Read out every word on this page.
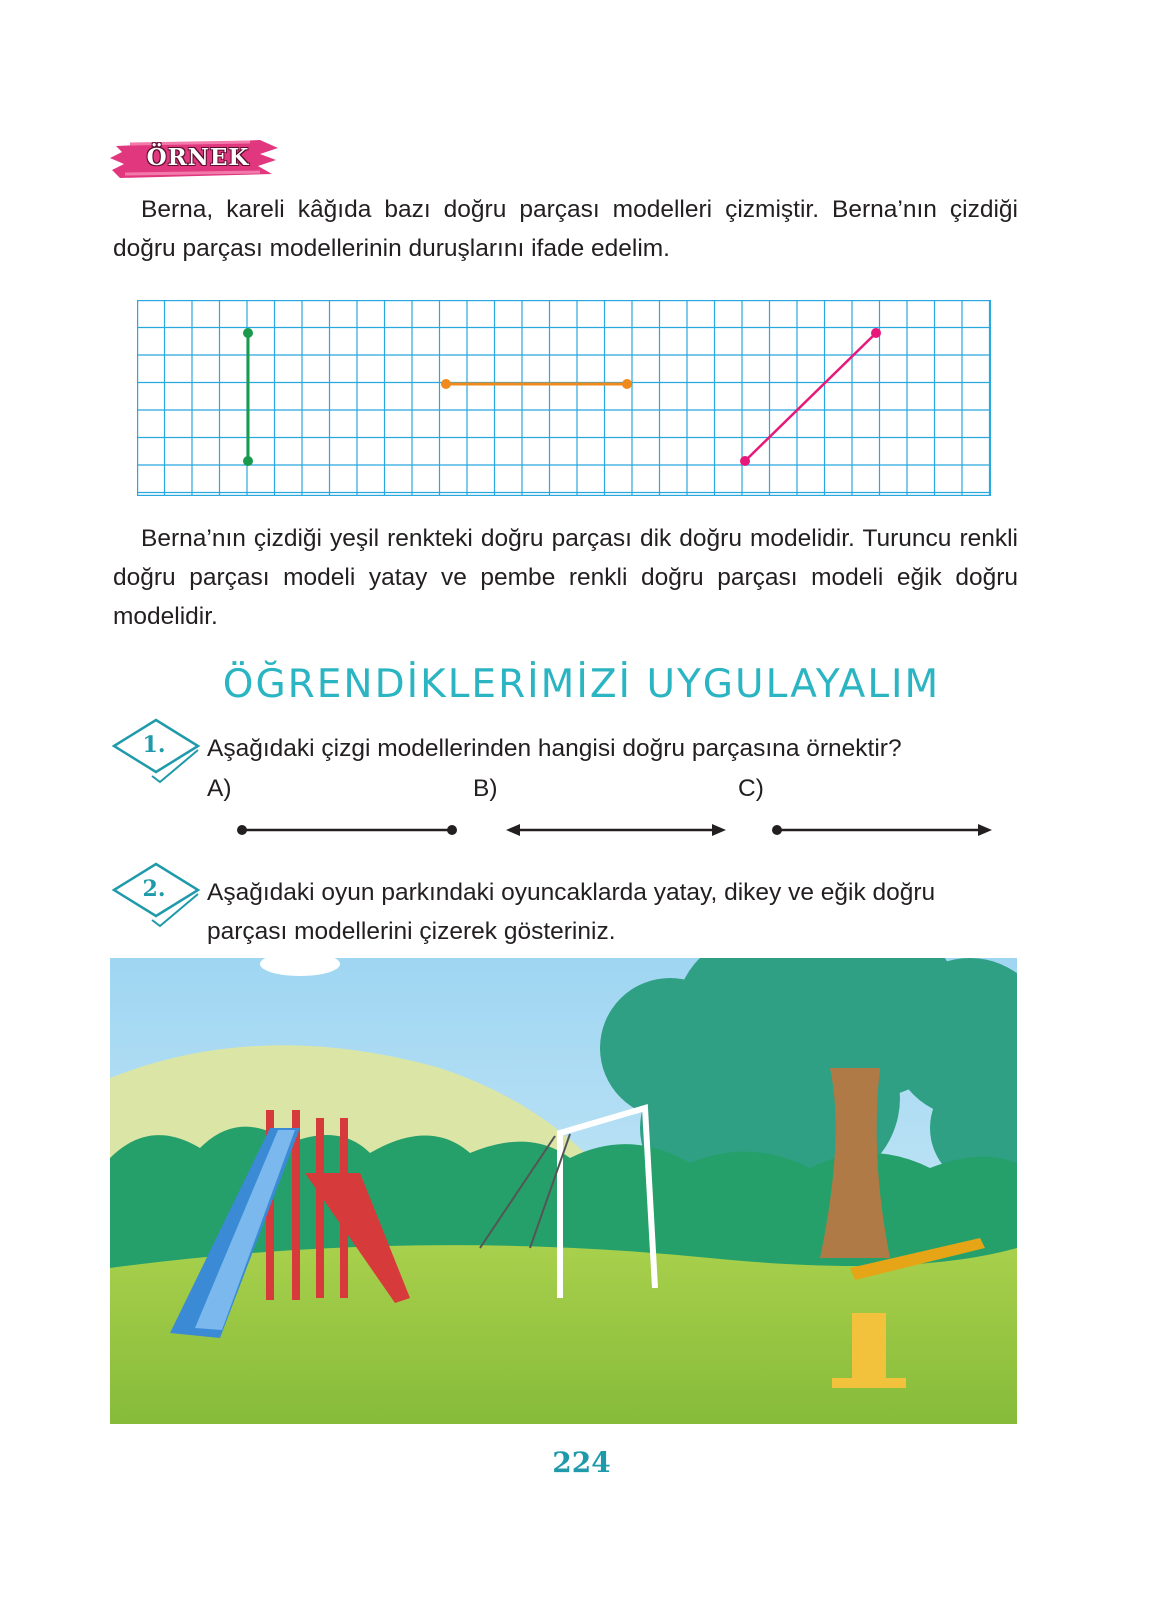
ÖRNEK

Berna, kareli kâğıda bazı doğru parçası modelleri çizmiştir. Berna’nın çizdiği doğru parçası modellerinin duruşlarını ifade edelim.

Berna’nın çizdiği yeşil renkteki doğru parçası dik doğru modelidir. Turuncu renkli doğru parçası modeli yatay ve pembe renkli doğru parçası modeli eğik doğru modelidir.

ÖĞRENDİKLERİMİZİ UYGULAYALIM
1.	Aşağıdaki çizgi modellerinden hangisi doğru parçasına örnektir?
A)	B)	C)
2.	Aşağıdaki oyun parkındaki oyuncaklarda yatay, dikey ve eğik doğru parçası modellerini çizerek gösteriniz.
224
